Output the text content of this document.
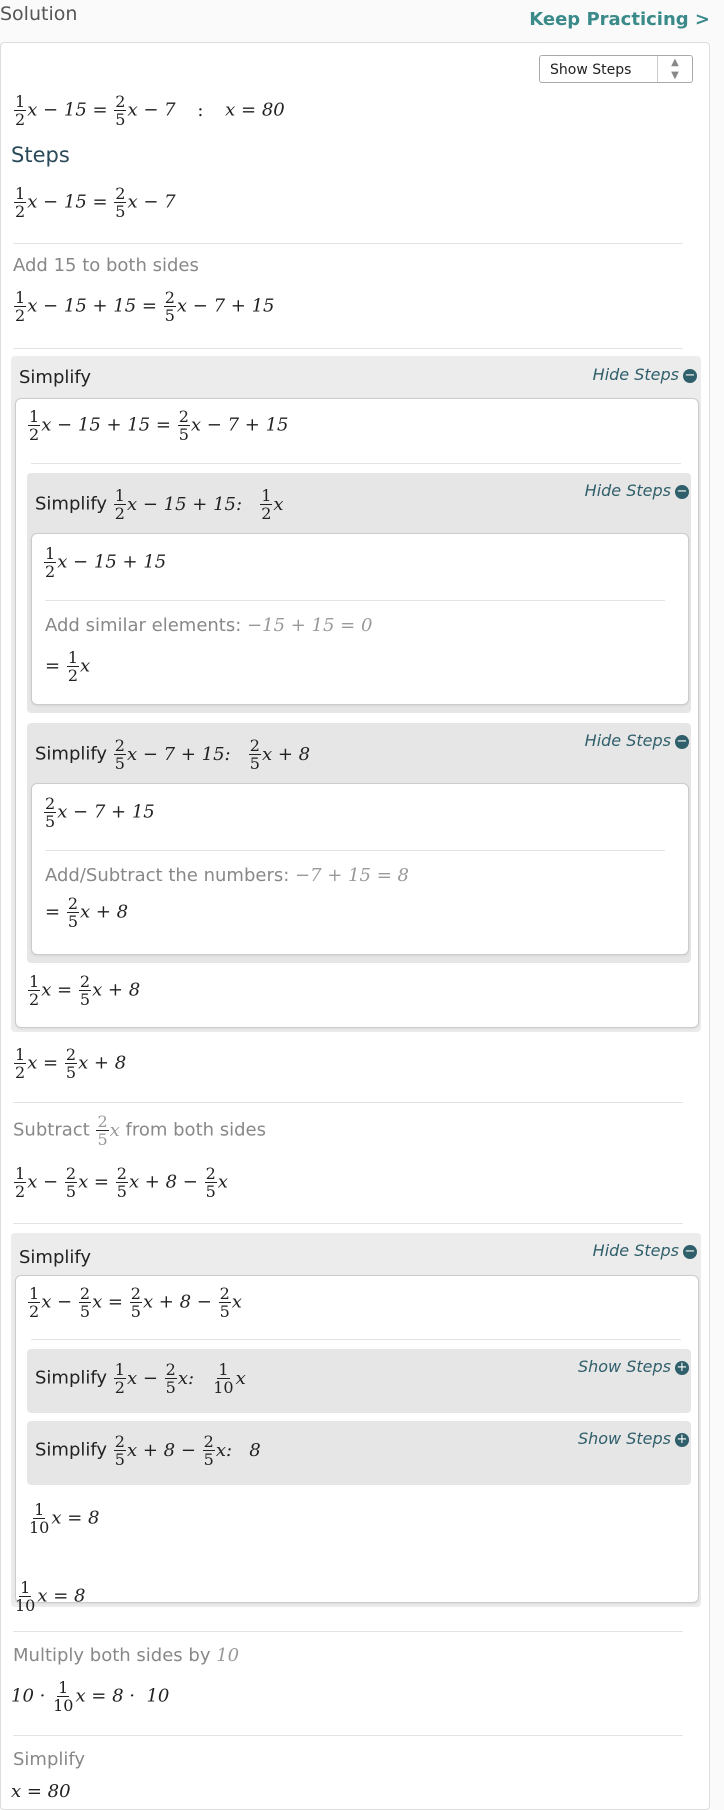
Solution	Keep Practicing >
Show Steps	▲
▼
$\frac{1}{2}$ $x - 15 = \frac{2}{5}$ x − 7 : x = 80
Steps
$\frac{1}{2}$ $x - 15 = \frac{2}{5}$ x − 7
Add 15 to both sides
$\frac{1}{2}$ $x - 15 + 15 = \frac{2}{5}$ x − 7 + 15
Simplify	Hide Steps −
$\frac{1}{2}$ $x - 15 + 15 = \frac{2}{5}$ x − 7 + 15
Simplify $\frac{1}{2}$ x − 15 + 15: $\frac{1}{2}$ x
Hide Steps −
$\frac{1}{2}$ x − 15 + 15
Add similar elements: −15 + 15 = 0
= $\frac{1}{2}$ x
Simplify $\frac{2}{5}$ x − 7 + 15: $\frac{2}{5}$ x + 8
Hide Steps −
$\frac{2}{5}$ x − 7 + 15
Add/Subtract the numbers: −7 + 15 = 8
= $\frac{2}{5}$ x + 8
$\frac{1}{2}$ $x = \frac{2}{5}$ x + 8
$\frac{1}{2}$ $x = \frac{2}{5}$ x + 8
Subtract $\frac{2}{5}$ x from both sides
$\frac{1}{2}$ $x - \frac{2}{5}$ $x = \frac{2}{5}$ $x + 8 - \frac{2}{5}$ x
Simplify	Hide Steps −
$\frac{1}{2}$ $x - \frac{2}{5}$ $x = \frac{2}{5}$ $x + 8 - \frac{2}{5}$ x
Simplify $\frac{1}{2}$ $x - \frac{2}{5} x$: $\frac{1}{10}$ x
Show Steps +
Simplify $\frac{2}{5}$ $x + 8 - \frac{2}{5} x$:   8
Show Steps +
$\frac{1}{10}$ x = 8
$\frac{1}{10}$ x = 8
Multiply both sides by 10
$10 \cdot \frac{1}{10}$ x = 8 ·  10
Simplify
x = 80
